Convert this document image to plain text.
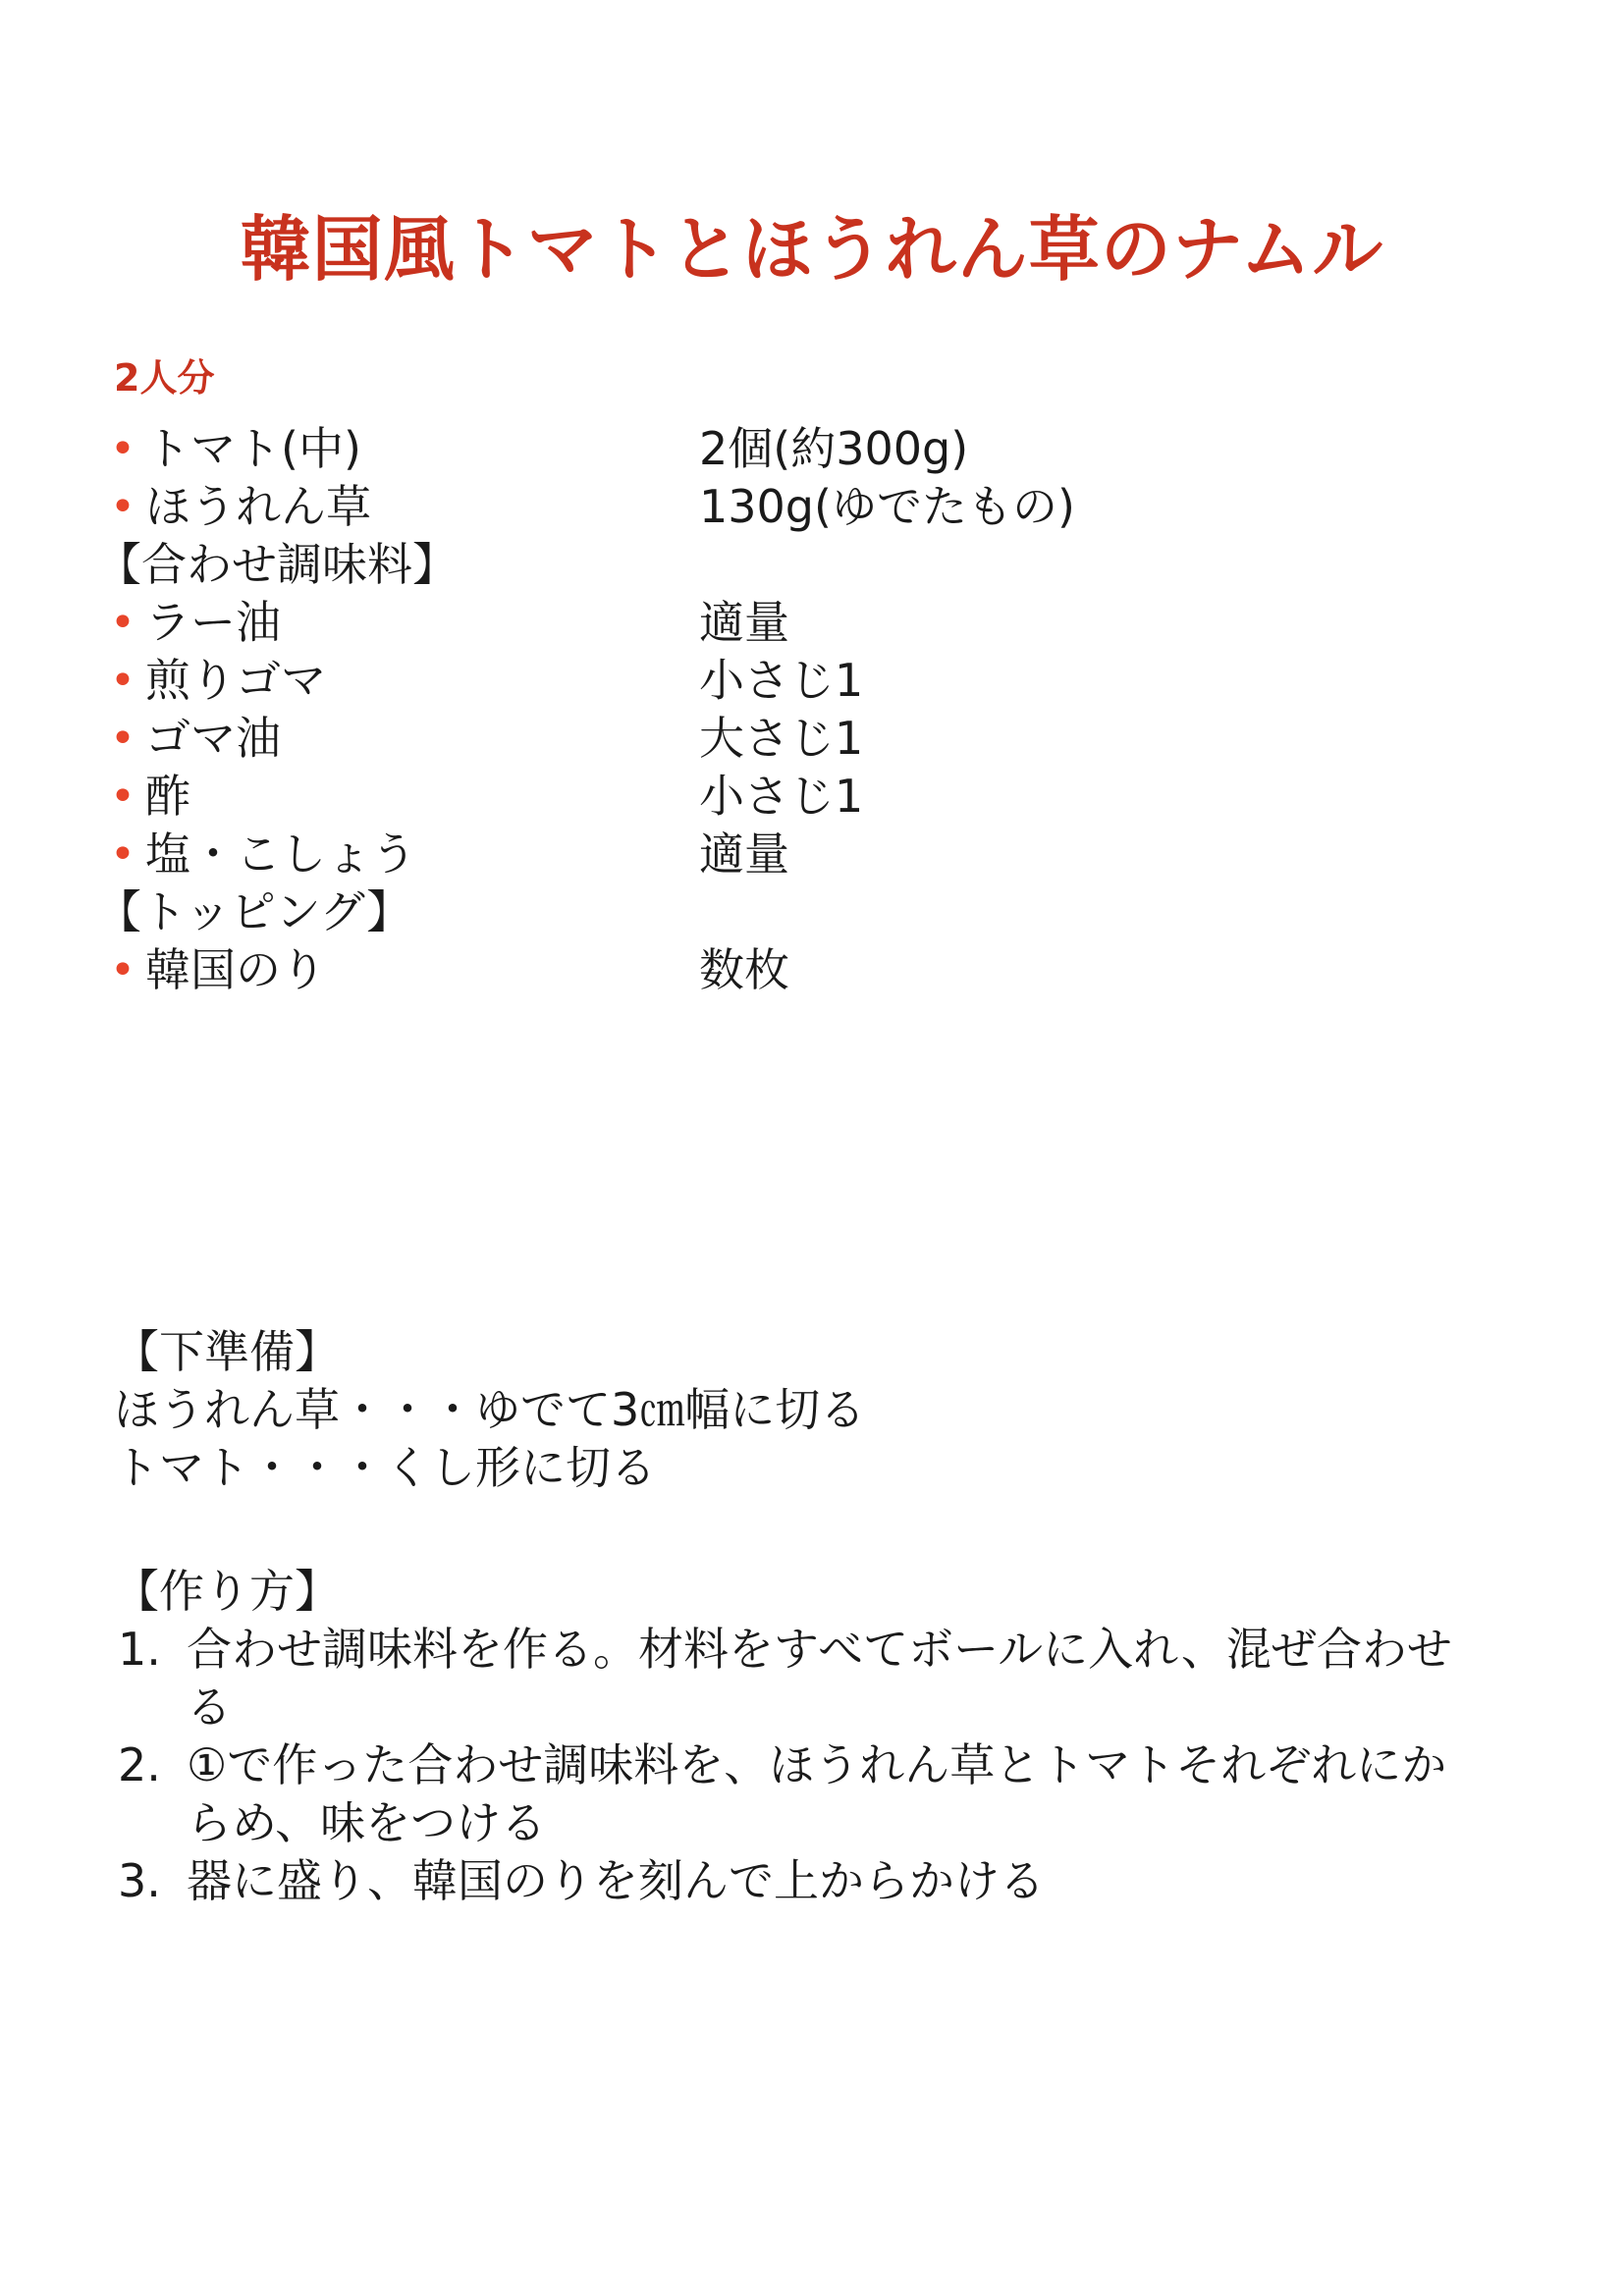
韓国風トマトとほうれん草のナムル
2人分
• トマト(中)	2個(約300g)
• ほうれん草	130g(ゆでたもの)
【合わせ調味料】
• ラー油	適量
• 煎りゴマ	小さじ1
• ゴマ油	大さじ1
• 酢	小さじ1
• 塩・こしょう	適量
【トッピング】
• 韓国のり	数枚
【下準備】
ほうれん草・・・ゆでて3㎝幅に切る
トマト・・・くし形に切る
【作り方】
1. 合わせ調味料を作る。材料をすべてボールに入れ、混ぜ合わせる
2. ①で作った合わせ調味料を、ほうれん草とトマトそれぞれにからめ、味をつける
3. 器に盛り、韓国のりを刻んで上からかける
